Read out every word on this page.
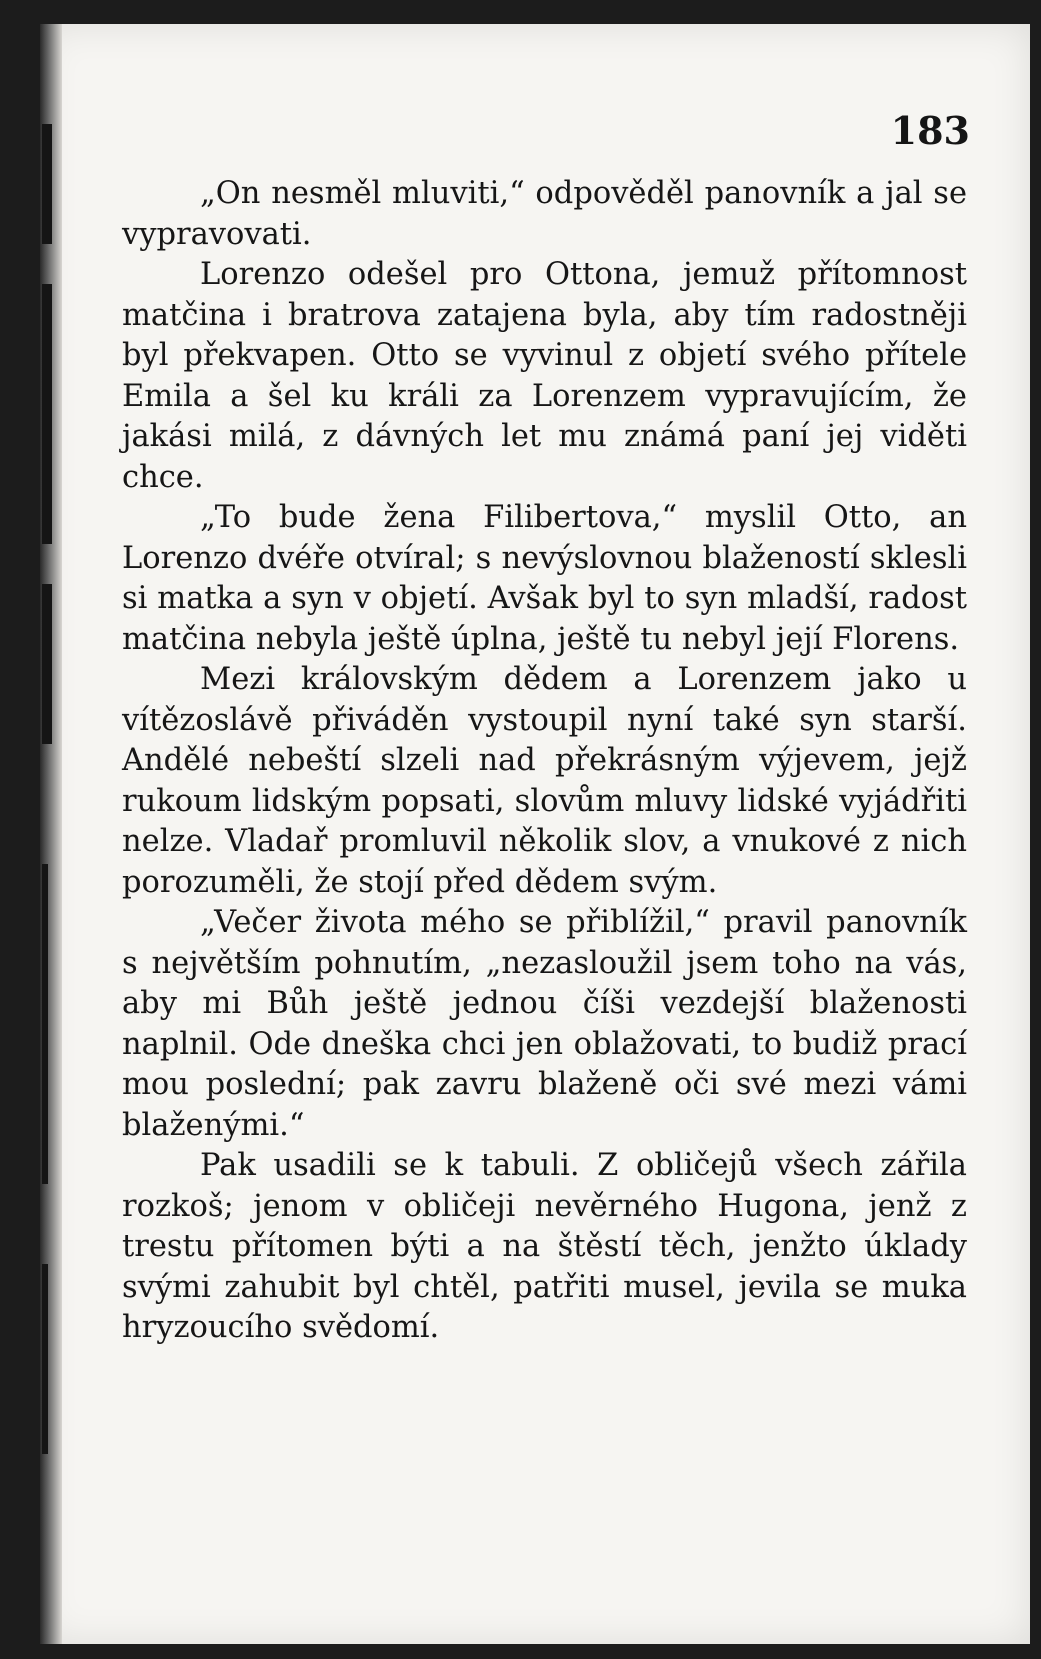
183

„On nesměl mluviti,“ odpověděl panovník a jal se vypravovati.

Lorenzo odešel pro Ottona, jemuž přítomnost matčina i bratrova zatajena byla, aby tím radostněji byl překvapen. Otto se vyvinul z objetí svého přítele Emila a šel ku králi za Lorenzem vypravujícím, že jakási milá, z dávných let mu známá paní jej viděti chce.

„To bude žena Filibertova,“ myslil Otto, an Lorenzo dvéře otvíral; s nevýslovnou blažeností sklesli si matka a syn v objetí. Avšak byl to syn mladší, radost matčina nebyla ještě úplna, ještě tu nebyl její Florens.

Mezi královským dědem a Lorenzem jako u vítězoslávě přiváděn vystoupil nyní také syn starší. Andělé nebeští slzeli nad překrásným výjevem, jejž rukoum lidským popsati, slovům mluvy lidské vyjádřiti nelze. Vladař promluvil několik slov, a vnukové z nich porozuměli, že stojí před dědem svým.

„Večer života mého se přiblížil,“ pravil panovník s největším pohnutím, „nezasloužil jsem toho na vás, aby mi Bůh ještě jednou číši vezdejší blaženosti naplnil. Ode dneška chci jen oblažovati, to budiž prací mou poslední; pak zavru blaženě oči své mezi vámi blaženými.“

Pak usadili se k tabuli. Z obličejů všech zářila rozkoš; jenom v obličeji nevěrného Hugona, jenž z trestu přítomen býti a na štěstí těch, jenžto úklady svými zahubit byl chtěl, patřiti musel, jevila se muka hryzoucího svědomí.
